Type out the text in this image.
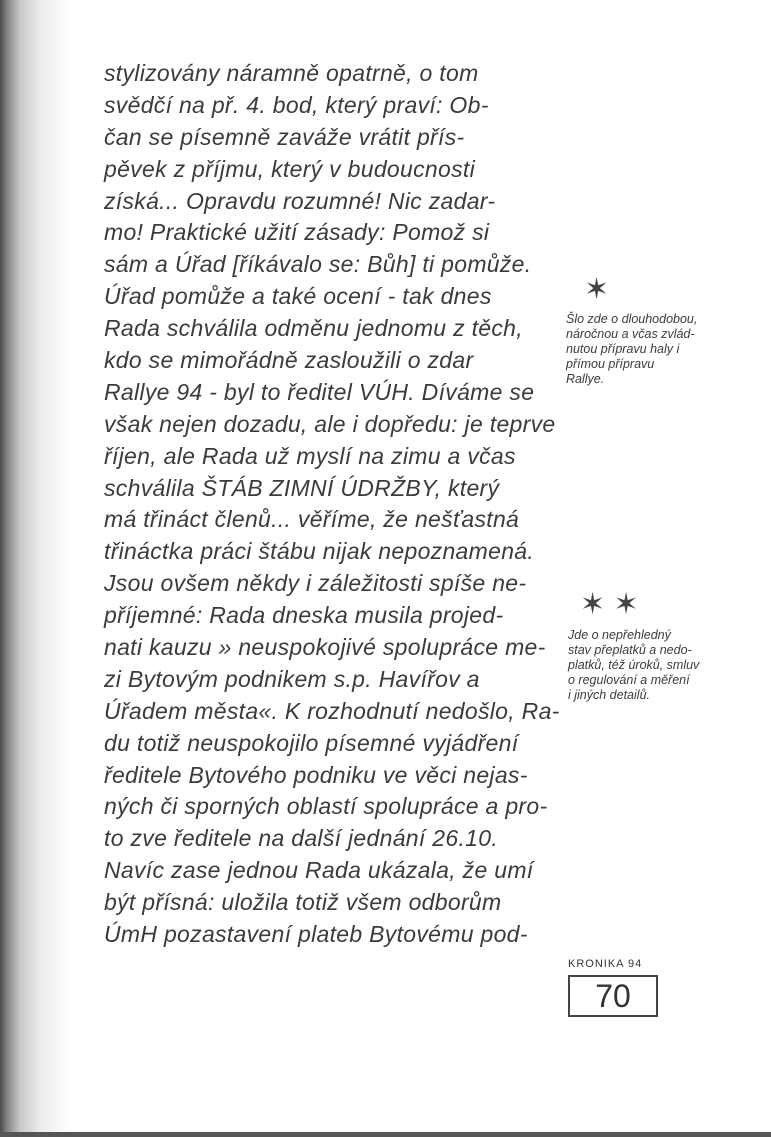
stylizovány náramně opatrně, o tom
svědčí na př. 4. bod, který praví: Ob-
čan se písemně zaváže vrátit přís-
pěvek z příjmu, který v budoucnosti
získá... Opravdu rozumné! Nic zadar-
mo! Praktické užití zásady: Pomož si
sám a Úřad [říkávalo se: Bůh] ti pomůže.
Úřad pomůže a také ocení - tak dnes
Rada schválila odměnu jednomu z těch,
kdo se mimořádně zasloužili o zdar
Rallye 94 - byl to ředitel VÚH. Díváme se
však nejen dozadu, ale i dopředu: je teprve
říjen, ale Rada už myslí na zimu a včas
schválila ŠTÁB ZIMNÍ ÚDRŽBY, který
má třináct členů... věříme, že nešťastná
třináctka práci štábu nijak nepoznamená.
Jsou ovšem někdy i záležitosti spíše ne-
příjemné: Rada dneska musila projed-
nati kauzu » neuspokojivé spolupráce me-
zi Bytovým podnikem s.p. Havířov a
Úřadem města«. K rozhodnutí nedošlo, Ra-
du totiž neuspokojilo písemné vyjádření
ředitele Bytového podniku ve věci nejas-
ných či sporných oblastí spolupráce a pro-
to zve ředitele na další jednání 26.10.
Navíc zase jednou Rada ukázala, že umí
být přísná: uložila totiž všem odborům
ÚmH pozastavení plateb Bytovému pod-
✶
Šlo zde o dlouhodobou,
náročnou a včas zvlád-
nutou přípravu haly i
přímou přípravu
Rallye.
✶ ✶
Jde o nepřehledný
stav přeplatků a nedo-
platků, též úroků, smluv
o regulování a měření
i jiných detailů.
KRONIKA 94
70
